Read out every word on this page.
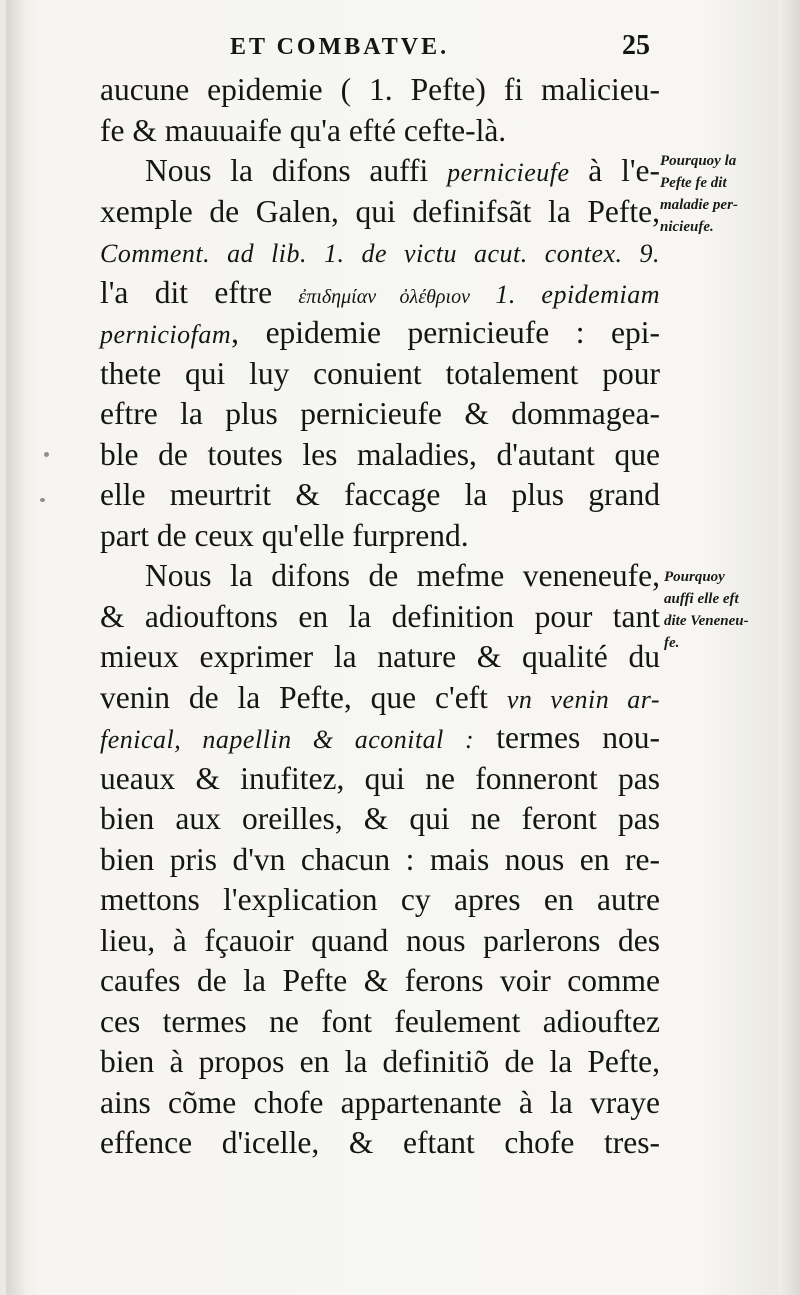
ET COMBATVE.	25
aucune epidemie ( 1. Pefte) fi malicieu-
fe & mauuaife qu'a efté cefte-là.
Nous la difons auffi pernicieufe à l'e-
xemple de Galen, qui definifsãt la Pefte,
Comment. ad lib. 1. de victu acut. contex. 9.
l'a dit eftre ἐπιδημίαν ὀλέθριον 1. epidemiam
perniciofam, epidemie pernicieufe : epi-
thete qui luy conuient totalement pour
eftre la plus pernicieufe & dommagea-
ble de toutes les maladies, d'autant que
elle meurtrit & faccage la plus grand
part de ceux qu'elle furprend.
Nous la difons de mefme veneneufe,
& adiouftons en la definition pour tant
mieux exprimer la nature & qualité du
venin de la Pefte, que c'eft vn venin ar-
fenical, napellin & aconital : termes nou-
ueaux & inufitez, qui ne fonneront pas
bien aux oreilles, & qui ne feront pas
bien pris d'vn chacun : mais nous en re-
mettons l'explication cy apres en autre
lieu, à fçauoir quand nous parlerons des
caufes de la Pefte & ferons voir comme
ces termes ne font feulement adiouftez
bien à propos en la definitiõ de la Pefte,
ains cõme chofe appartenante à la vraye
effence d'icelle, & eftant chofe tres-
Pourquoy la
Pefte fe dit
maladie per-
nicieufe.
Pourquoy
auffi elle eft
dite Veneneu-
fe.
